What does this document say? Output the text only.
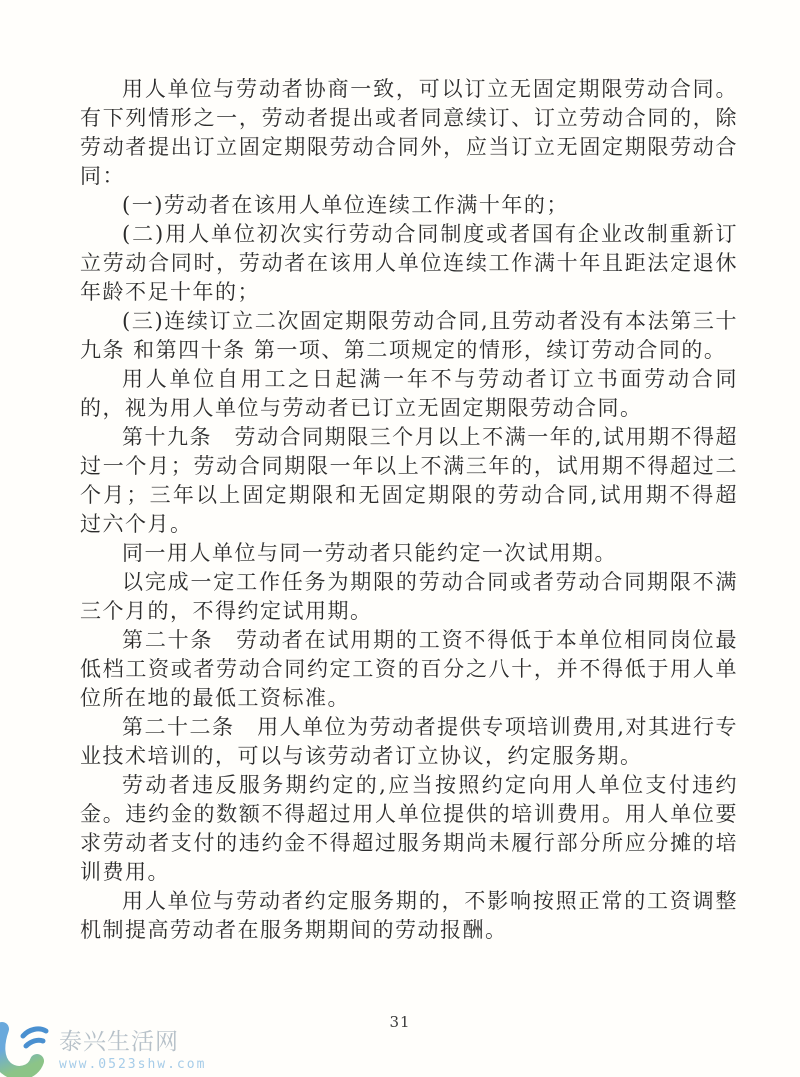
用人单位与劳动者协商一致，可以订立无固定期限劳动合同。有下列情形之一，劳动者提出或者同意续订、订立劳动合同的，除劳动者提出订立固定期限劳动合同外，应当订立无固定期限劳动合同：

(一)劳动者在该用人单位连续工作满十年的；

(二)用人单位初次实行劳动合同制度或者国有企业改制重新订立劳动合同时，劳动者在该用人单位连续工作满十年且距法定退休年龄不足十年的；

(三)连续订立二次固定期限劳动合同,且劳动者没有本法第三十九条 和第四十条 第一项、第二项规定的情形，续订劳动合同的。

用人单位自用工之日起满一年不与劳动者订立书面劳动合同的，视为用人单位与劳动者已订立无固定期限劳动合同。

第十九条　劳动合同期限三个月以上不满一年的,试用期不得超过一个月；劳动合同期限一年以上不满三年的，试用期不得超过二个月；三年以上固定期限和无固定期限的劳动合同,试用期不得超过六个月。

同一用人单位与同一劳动者只能约定一次试用期。

以完成一定工作任务为期限的劳动合同或者劳动合同期限不满三个月的，不得约定试用期。

第二十条　劳动者在试用期的工资不得低于本单位相同岗位最低档工资或者劳动合同约定工资的百分之八十，并不得低于用人单位所在地的最低工资标准。

第二十二条　用人单位为劳动者提供专项培训费用,对其进行专业技术培训的，可以与该劳动者订立协议，约定服务期。

劳动者违反服务期约定的,应当按照约定向用人单位支付违约金。违约金的数额不得超过用人单位提供的培训费用。用人单位要求劳动者支付的违约金不得超过服务期尚未履行部分所应分摊的培训费用。

用人单位与劳动者约定服务期的，不影响按照正常的工资调整机制提高劳动者在服务期期间的劳动报酬。

31
泰兴生活网
www.0523shw.com
